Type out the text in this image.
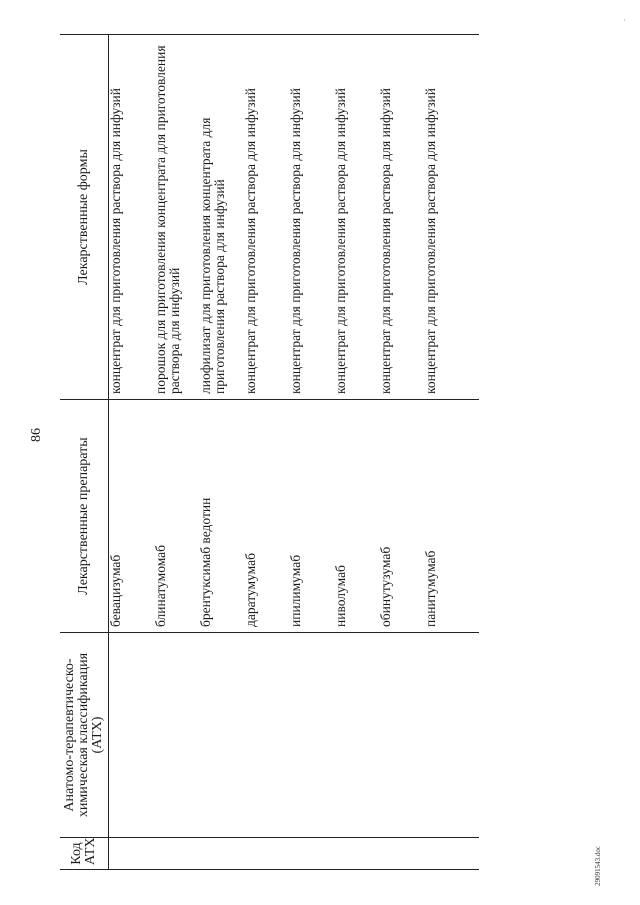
Код АТХ	Анатомо-терапевтическо-химическая классификация (АТХ)	Лекарственные препараты	Лекарственные формы
		бевацизумаб	концентрат для приготовления раствора для инфузий
		блинатумомаб	порошок для приготовления концентрата для приготовления раствора для инфузий
		брентуксимаб ведотин	лиофилизат для приготовления концентрата для приготовления раствора для инфузий
		даратумумаб	концентрат для приготовления раствора для инфузий
		ипилимумаб	концентрат для приготовления раствора для инфузий
		ниволумаб	концентрат для приготовления раствора для инфузий
		обинутузумаб	концентрат для приготовления раствора для инфузий
		панитумумаб	концентрат для приготовления раствора для инфузий
86
29091543.doc
'
